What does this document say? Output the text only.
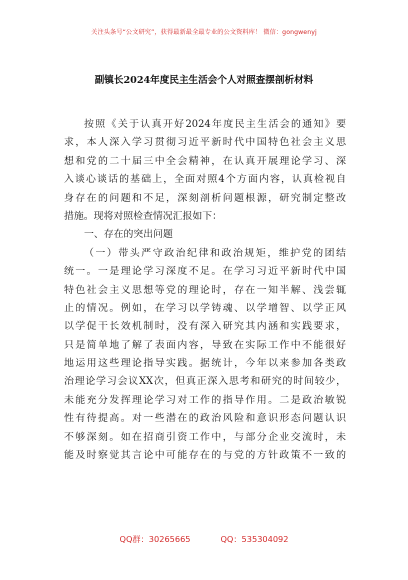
关注头条号“公文研究”，获得最新最全最专业的公文资料库！ 微信：gongwenyj
副镇长2024年度民主生活会个人对照查摆剖析材料
按照《关于认真开好2024年度民主生活会的通知》要
求，本人深入学习贯彻习近平新时代中国特色社会主义思
想和党的二十届三中全会精神，在认真开展理论学习、深
入谈心谈话的基础上，全面对照4个方面内容，认真检视自
身存在的问题和不足，深刻剖析问题根源，研究制定整改
措施。现将对照检查情况汇报如下：
一、存在的突出问题
（一）带头严守政治纪律和政治规矩，维护党的团结
统一。一是理论学习深度不足。在学习习近平新时代中国
特色社会主义思想等党的理论时，存在一知半解、浅尝辄
止的情况。例如，在学习以学铸魂、以学增智、以学正风
以学促干长效机制时，没有深入研究其内涵和实践要求，
只是简单地了解了表面内容，导致在实际工作中不能很好
地运用这些理论指导实践。据统计，今年以来参加各类政
治理论学习会议XX次，但真正深入思考和研究的时间较少，
未能充分发挥理论学习对工作的指导作用。二是政治敏锐
性有待提高。对一些潜在的政治风险和意识形态问题认识
不够深刻。如在招商引资工作中，与部分企业交流时，未
能及时察觉其言论中可能存在的与党的方针政策不一致的
QQ群：30265665	QQ：535304092
